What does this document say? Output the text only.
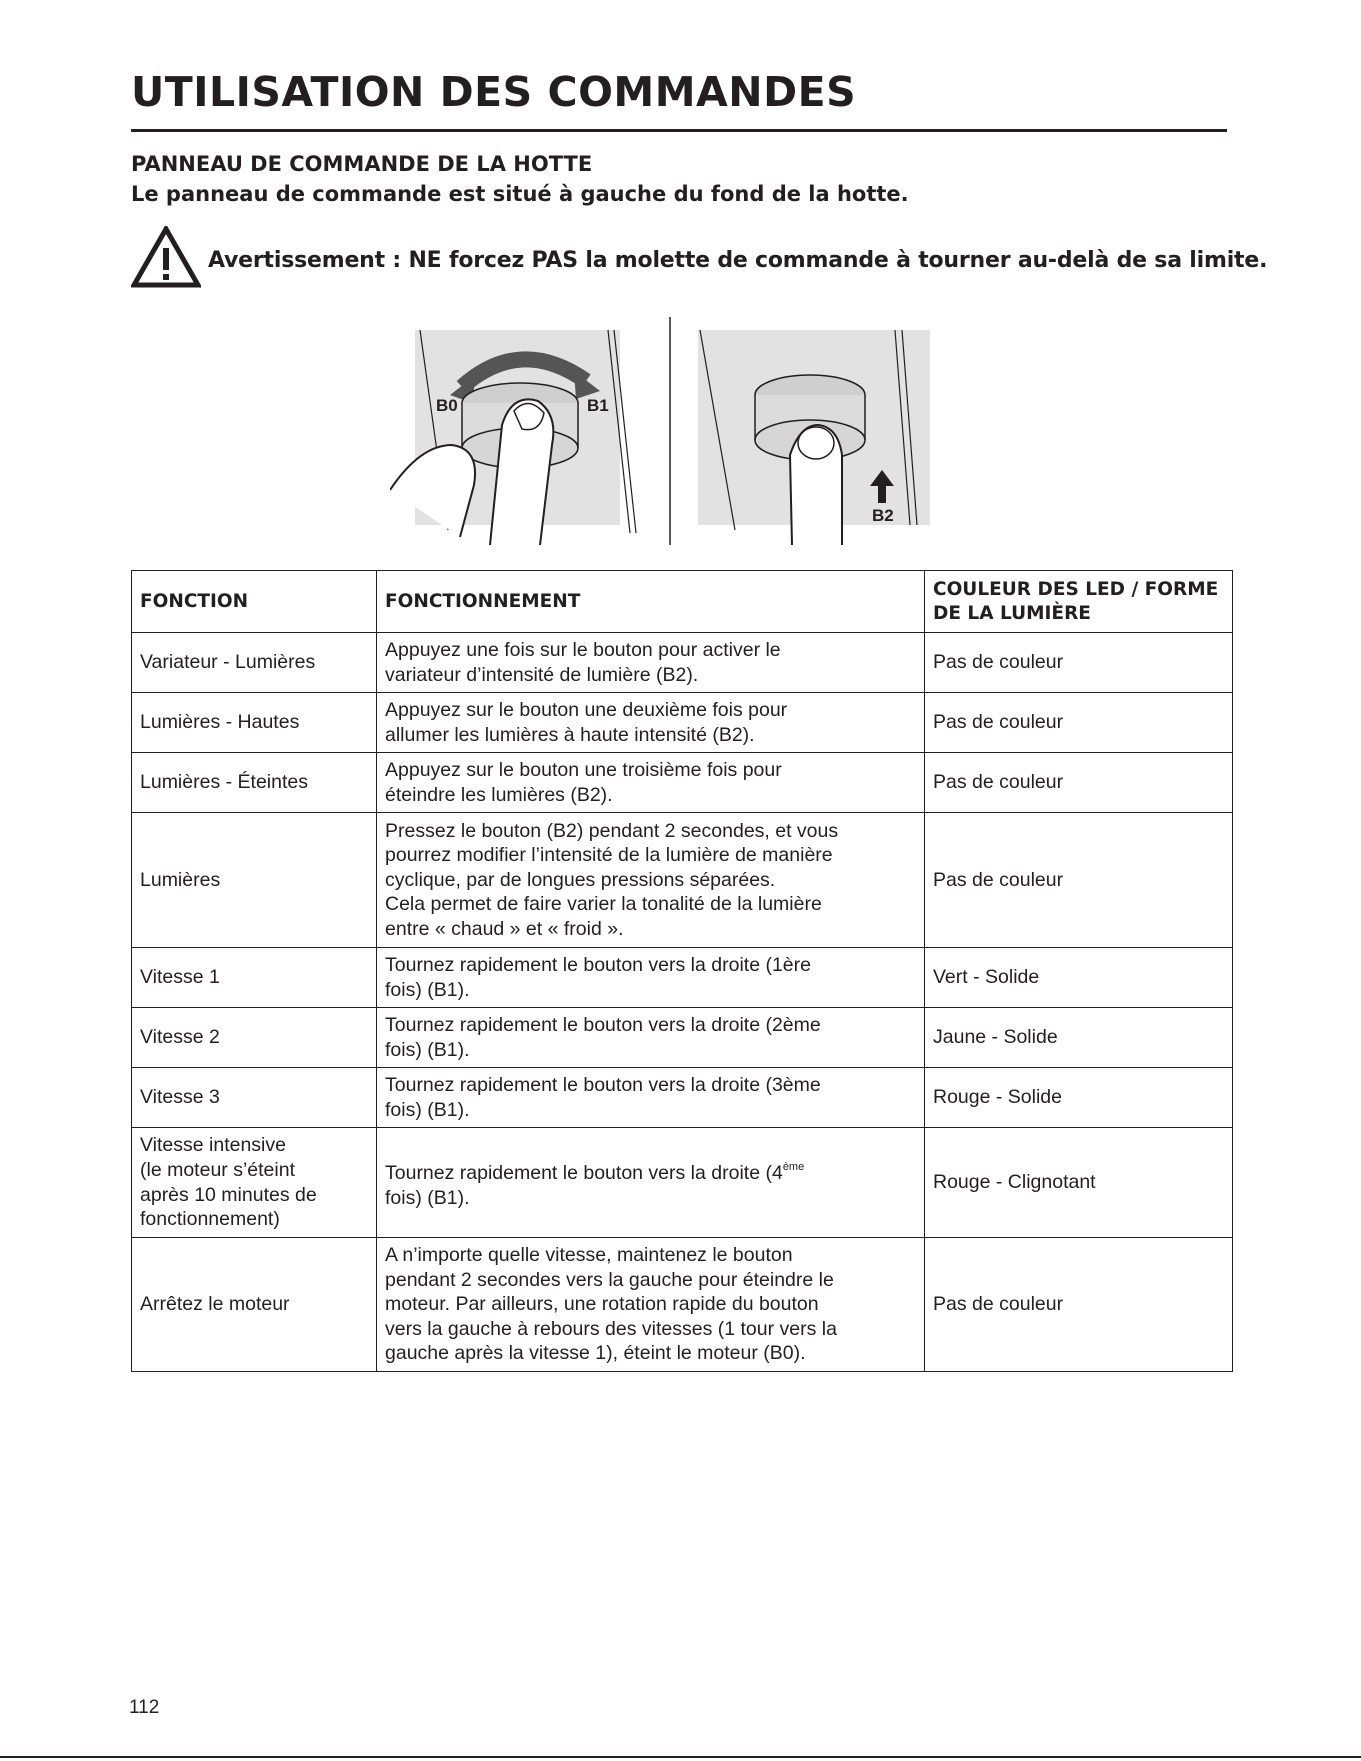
UTILISATION DES COMMANDES

PANNEAU DE COMMANDE DE LA HOTTE

Le panneau de commande est situé à gauche du fond de la hotte.

Avertissement : NE forcez PAS la molette de commande à tourner au-delà de sa limite.

B0	B1
B2
FONCTION	FONCTIONNEMENT	COULEUR DES LED / FORME
DE LA LUMIÈRE
Variateur - Lumières	Appuyez une fois sur le bouton pour activer le
variateur d’intensité de lumière (B2).	Pas de couleur
Lumières - Hautes	Appuyez sur le bouton une deuxième fois pour
allumer les lumières à haute intensité (B2).	Pas de couleur
Lumières - Éteintes	Appuyez sur le bouton une troisième fois pour
éteindre les lumières (B2).	Pas de couleur
Lumières	Pressez le bouton (B2) pendant 2 secondes, et vous
pourrez modifier l’intensité de la lumière de manière
cyclique, par de longues pressions séparées.
Cela permet de faire varier la tonalité de la lumière
entre « chaud » et « froid ».	Pas de couleur
Vitesse 1	Tournez rapidement le bouton vers la droite (1ère
fois) (B1).	Vert - Solide
Vitesse 2	Tournez rapidement le bouton vers la droite (2ème
fois) (B1).	Jaune - Solide
Vitesse 3	Tournez rapidement le bouton vers la droite (3ème
fois) (B1).	Rouge - Solide
Vitesse intensive
(le moteur s’éteint
après 10 minutes de
fonctionnement)	Tournez rapidement le bouton vers la droite (4ème
fois) (B1).	Rouge - Clignotant
Arrêtez le moteur	A n’importe quelle vitesse, maintenez le bouton
pendant 2 secondes vers la gauche pour éteindre le
moteur. Par ailleurs, une rotation rapide du bouton
vers la gauche à rebours des vitesses (1 tour vers la
gauche après la vitesse 1), éteint le moteur (B0).	Pas de couleur

112
